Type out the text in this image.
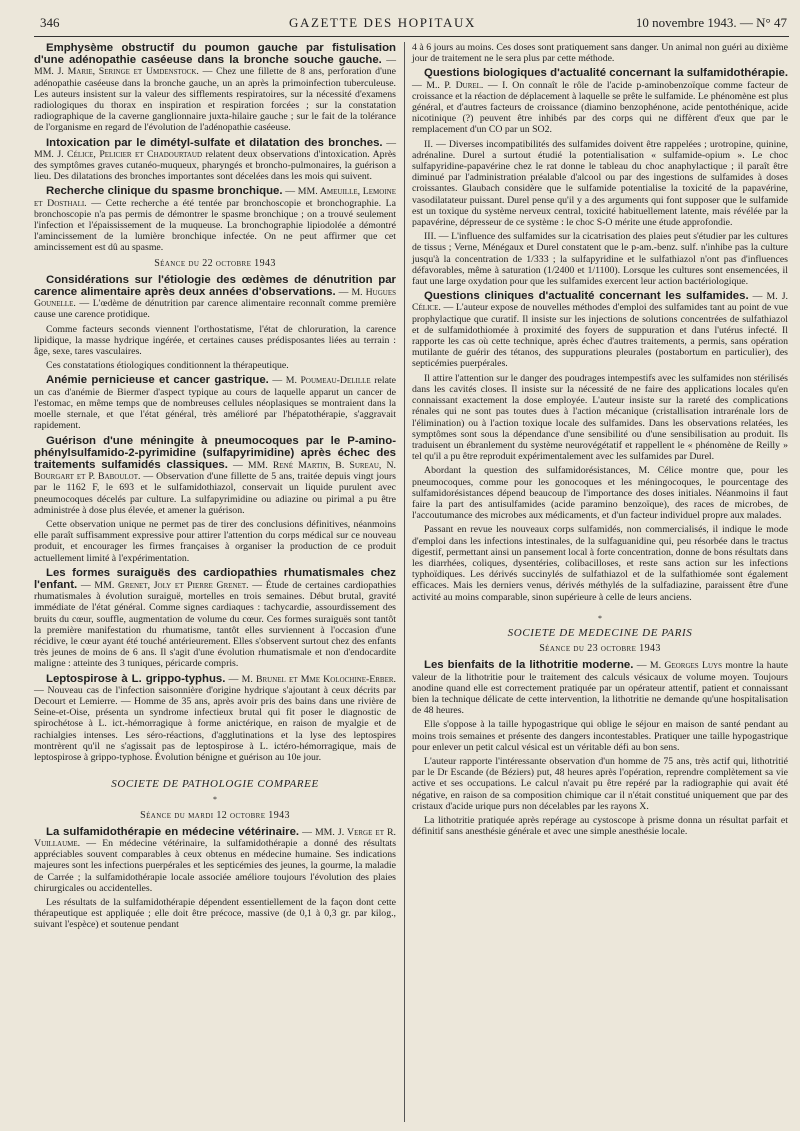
346	GAZETTE DES HOPITAUX	10 novembre 1943. — N° 47

Emphysème obstructif du poumon gauche par fistulisation d'une adénopathie caséeuse dans la bronche souche gauche. — MM. J. Marie, Seringe et Umdenstock. — Chez une fillette de 8 ans, perforation d'une adénopathie caséeuse dans la bronche gauche, un an après la primoinfection tuberculeuse. Les auteurs insistent sur la valeur des sifflements respiratoires, sur la nécessité d'examens radiologiques du thorax en inspiration et respiration forcées ; sur la constatation radiographique de la caverne ganglionnaire juxta-hilaire gauche ; sur le fait de la tolérance de l'organisme en regard de l'évolution de l'adénopathie caséeuse.

Intoxication par le dimétyl-sulfate et dilatation des bronches. — MM. J. Célice, Pelicier et Chadourtaud relatent deux observations d'intoxication. Après des symptômes graves cutanéo-muqueux, pharyngés et broncho-pulmonaires, la guérison a lieu. Des dilatations des bronches importantes sont décelées dans les mois qui suivent.

Recherche clinique du spasme bronchique. — MM. Ameuille, Lemoine et Dosthali. — Cette recherche a été tentée par bronchoscopie et bronchographie. La bronchoscopie n'a pas permis de démontrer le spasme bronchique ; on a trouvé seulement l'infection et l'épaississement de la muqueuse. La bronchographie lipiodolée a démontré l'amincissement de la lumière bronchique infectée. On ne peut affirmer que cet amincissement est dû au spasme.

Séance du 22 octobre 1943

Considérations sur l'étiologie des œdèmes de dénutrition par carence alimentaire après deux années d'observations. — M. Hugues Gounelle. — L'œdème de dénutrition par carence alimentaire reconnaît comme première cause une carence protidique.

Comme facteurs seconds viennent l'orthostatisme, l'état de chloruration, la carence lipidique, la masse hydrique ingérée, et certaines causes prédisposantes liées au terrain : âge, sexe, tares vasculaires.

Ces constatations étiologiques conditionnent la thérapeutique.

Anémie pernicieuse et cancer gastrique. — M. Poumeau-Delille relate un cas d'anémie de Biermer d'aspect typique au cours de laquelle apparut un cancer de l'estomac, en même temps que de nombreuses cellules néoplasiques se montraient dans la moelle sternale, et que l'état général, très amélioré par l'hépatothérapie, s'aggravait rapidement.

Guérison d'une méningite à pneumocoques par le P-amino-phénylsulfamido-2-pyrimidine (sulfapyrimidine) après échec des traitements sulfamidés classiques. — MM. René Martin, B. Sureau, N. Bourgart et P. Baboulot. — Observation d'une fillette de 5 ans, traitée depuis vingt jours par le 1162 F, le 693 et le sulfamidothiazol, conservait un liquide purulent avec pneumocoques décelés par culture. La sulfapyrimidine ou adiazine ou pirimal a pu être administrée à dose plus élevée, et amener la guérison.

Cette observation unique ne permet pas de tirer des conclusions définitives, néanmoins elle paraît suffisamment expressive pour attirer l'attention du corps médical sur ce nouveau produit, et encourager les firmes françaises à organiser la production de ce produit actuellement limité à l'expérimentation.

Les formes suraiguës des cardiopathies rhumatismales chez l'enfant. — MM. Grenet, Joly et Pierre Grenet. — Étude de certaines cardiopathies rhumatismales à évolution suraiguë, mortelles en trois semaines. Début brutal, gravité immédiate de l'état général. Comme signes cardiaques : tachycardie, assourdissement des bruits du cœur, souffle, augmentation de volume du cœur. Ces formes suraiguës sont tantôt la première manifestation du rhumatisme, tantôt elles surviennent à l'occasion d'une récidive, le cœur ayant été touché antérieurement. Elles s'observent surtout chez des enfants très jeunes de moins de 6 ans. Il s'agit d'une évolution rhumatismale et non d'endocardite maligne : atteinte des 3 tuniques, péricarde compris.

Leptospirose à L. grippo-typhus. — M. Brunel et Mme Kolochine-Erber. — Nouveau cas de l'infection saisonnière d'origine hydrique s'ajoutant à ceux décrits par Decourt et Lemierre. — Homme de 35 ans, après avoir pris des bains dans une rivière de Seine-et-Oise, présenta un syndrome infectieux brutal qui fit poser le diagnostic de spirochétose à L. ict.-hémorragique à forme anictérique, en raison de myalgie et de rachialgies intenses. Les séro-réactions, d'agglutinations et la lyse des leptospires montrèrent qu'il ne s'agissait pas de leptospirose à L. ictéro-hémorragique, mais de leptospirose à grippo-typhose. Évolution bénigne et guérison au 10e jour.

SOCIETE DE PATHOLOGIE COMPAREE

*

Séance du mardi 12 octobre 1943

La sulfamidothérapie en médecine vétérinaire. — MM. J. Verge et R. Vuillaume. — En médecine vétérinaire, la sulfamidothérapie a donné des résultats appréciables souvent comparables à ceux obtenus en médecine humaine. Ses indications majeures sont les infections puerpérales et les septicémies des jeunes, la gourme, la maladie de Carrée ; la sulfamidothérapie locale associée améliore toujours l'évolution des plaies chirurgicales ou accidentelles.

Les résultats de la sulfamidothérapie dépendent essentiellement de la façon dont cette thérapeutique est appliquée ; elle doit être précoce, massive (de 0,1 à 0,3 gr. par kilog., suivant l'espèce) et soutenue pendant

4 à 6 jours au moins. Ces doses sont pratiquement sans danger. Un animal non guéri au dixième jour de traitement ne le sera plus par cette méthode.

Questions biologiques d'actualité concernant la sulfamidothérapie. — M.. P. Durel. — I. On connaît le rôle de l'acide p-aminobenzoïque comme facteur de croissance et la réaction de déplacement à laquelle se prête le sulfamide. Le phénomène est plus général, et d'autres facteurs de croissance (diamino benzophénone, acide pentothénique, acide nicotinique (?) peuvent être inhibés par des corps qui ne diffèrent d'eux que par le remplacement d'un CO par un SO2.

II. — Diverses incompatibilités des sulfamides doivent être rappelées ; urotropine, quinine, adrénaline. Durel a surtout étudié la potentialisation « sulfamide-opium ». Le choc sulfapyridine-papavérine chez le rat donne le tableau du choc anaphylactique ; il paraît être diminué par l'administration préalable d'alcool ou par des ingestions de sulfamides à doses croissantes. Glaubach considère que le sulfamide potentialise la toxicité de la papavérine, vasodilatateur puissant. Durel pense qu'il y a des arguments qui font supposer que le sulfamide est un toxique du système nerveux central, toxicité habituellement latente, mais révélée par la papavérine, dépresseur de ce système : le choc S-O mérite une étude approfondie.

III. — L'influence des sulfamides sur la cicatrisation des plaies peut s'étudier par les cultures de tissus ; Verne, Ménégaux et Durel constatent que le p-am.-benz. sulf. n'inhibe pas la culture jusqu'à la concentration de 1/333 ; la sulfapyridine et le sulfathiazol n'ont pas d'influences défavorables, même à saturation (1/2400 et 1/1100). Lorsque les cultures sont ensemencées, il faut une large oxydation pour que les sulfamides exercent leur action bactériologique.

Questions cliniques d'actualité concernant les sulfamides. — M. J. Célice. — L'auteur expose de nouvelles méthodes d'emploi des sulfamides tant au point de vue prophylactique que curatif. Il insiste sur les injections de solutions concentrées de sulfathiazol et de sulfamidothiomée à proximité des foyers de suppuration et dans l'utérus infecté. Il rapporte les cas où cette technique, après échec d'autres traitements, a permis, sans opération mutilante de guérir des tétanos, des suppurations pleurales (postabortum en particulier), des septicémies puerpérales.

Il attire l'attention sur le danger des poudrages intempestifs avec les sulfamides non stérilisés dans les cavités closes. Il insiste sur la nécessité de ne faire des applications locales qu'en connaissant exactement la dose employée. L'auteur insiste sur la rareté des complications rénales qui ne sont pas toutes dues à l'action mécanique (cristallisation intrarénale lors de l'élimination) ou à l'action toxique locale des sulfamides. Dans les observations relatées, les symptômes sont sous la dépendance d'une sensibilité ou d'une sensibilisation au produit. Ils traduisent un ébranlement du système neurovégétatif et rappellent le « phénomène de Reilly » tel qu'il a pu être reproduit expérimentalement avec les sulfamides par Durel.

Abordant la question des sulfamidorésistances, M. Célice montre que, pour les pneumocoques, comme pour les gonocoques et les méningocoques, le pourcentage des sulfamidorésistances dépend beaucoup de l'importance des doses initiales. Néanmoins il faut faire la part des antisulfamides (acide paramino benzoïque), des races de microbes, de l'accoutumance des microbes aux médicaments, et d'un facteur individuel propre aux malades.

Passant en revue les nouveaux corps sulfamidés, non commercialisés, il indique le mode d'emploi dans les infections intestinales, de la sulfaguanidine qui, peu résorbée dans le tractus digestif, permettant ainsi un pansement local à forte concentration, donne de bons résultats dans les diarrhées, coliques, dysentéries, colibacilloses, et reste sans action sur les infections typhoïdiques. Les dérivés succinylés de sulfathiazol et de la sulfathiomée sont également efficaces. Mais les derniers venus, dérivés méthylés de la sulfadiazine, paraissent être d'une activité au moins comparable, sinon supérieure à celle de leurs anciens.

*

SOCIETE DE MEDECINE DE PARIS

Séance du 23 octobre 1943

Les bienfaits de la lithotritie moderne. — M. Georges Luys montre la haute valeur de la lithotritie pour le traitement des calculs vésicaux de volume moyen. Toujours anodine quand elle est correctement pratiquée par un opérateur attentif, patient et connaissant bien la technique délicate de cette intervention, la lithotritie ne demande qu'une hospitalisation de 48 heures.

Elle s'oppose à la taille hypogastrique qui oblige le séjour en maison de santé pendant au moins trois semaines et présente des dangers incontestables. Pratiquer une taille hypogastrique pour enlever un petit calcul vésical est un véritable défi au bon sens.

L'auteur rapporte l'intéressante observation d'un homme de 75 ans, très actif qui, lithotritié par le Dr Escande (de Béziers) put, 48 heures après l'opération, reprendre complètement sa vie active et ses occupations. Le calcul n'avait pu être repéré par la radiographie qui avait été négative, en raison de sa composition chimique car il n'était constitué uniquement que par des cristaux d'acide urique purs non décelables par les rayons X.

La lithotritie pratiquée après repérage au cystoscope à prisme donna un résultat parfait et définitif sans anesthésie générale et avec une simple anesthésie locale.
